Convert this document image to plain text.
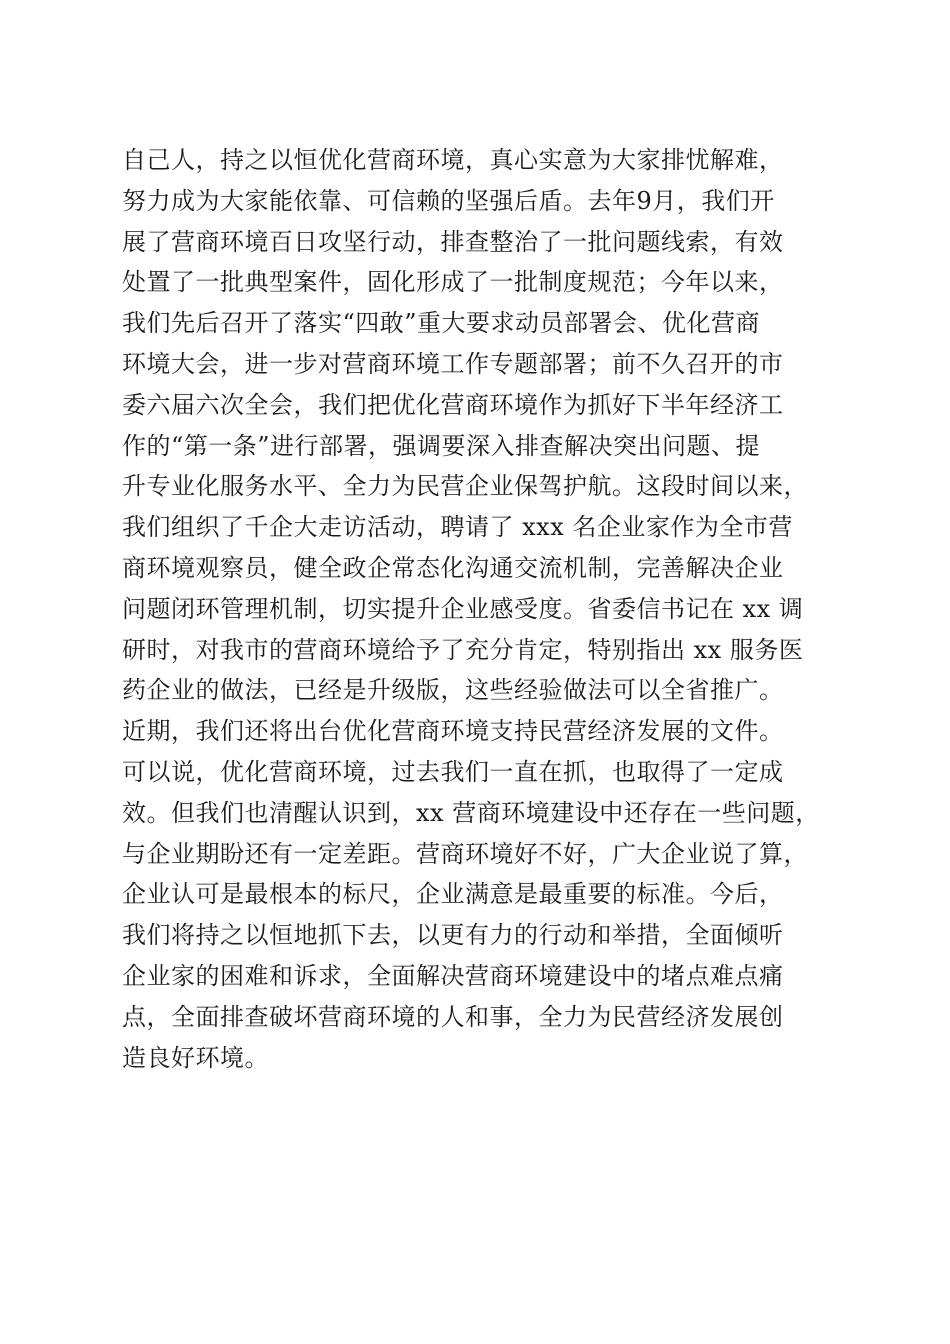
自己人，持之以恒优化营商环境，真心实意为大家排忧解难，
努力成为大家能依靠、可信赖的坚强后盾。去年9月，我们开
展了营商环境百日攻坚行动，排查整治了一批问题线索，有效
处置了一批典型案件，固化形成了一批制度规范；今年以来，
我们先后召开了落实“四敢”重大要求动员部署会、优化营商
环境大会，进一步对营商环境工作专题部署；前不久召开的市
委六届六次全会，我们把优化营商环境作为抓好下半年经济工
作的“第一条”进行部署，强调要深入排查解决突出问题、提
升专业化服务水平、全力为民营企业保驾护航。这段时间以来，
我们组织了千企大走访活动，聘请了 xxx 名企业家作为全市营
商环境观察员，健全政企常态化沟通交流机制，完善解决企业
问题闭环管理机制，切实提升企业感受度。省委信书记在 xx 调
研时，对我市的营商环境给予了充分肯定，特别指出 xx 服务医
药企业的做法，已经是升级版，这些经验做法可以全省推广。
近期，我们还将出台优化营商环境支持民营经济发展的文件。
可以说，优化营商环境，过去我们一直在抓，也取得了一定成
效。但我们也清醒认识到，xx 营商环境建设中还存在一些问题，
与企业期盼还有一定差距。营商环境好不好，广大企业说了算，
企业认可是最根本的标尺，企业满意是最重要的标准。今后，
我们将持之以恒地抓下去，以更有力的行动和举措，全面倾听
企业家的困难和诉求，全面解决营商环境建设中的堵点难点痛
点，全面排查破坏营商环境的人和事，全力为民营经济发展创
造良好环境。
